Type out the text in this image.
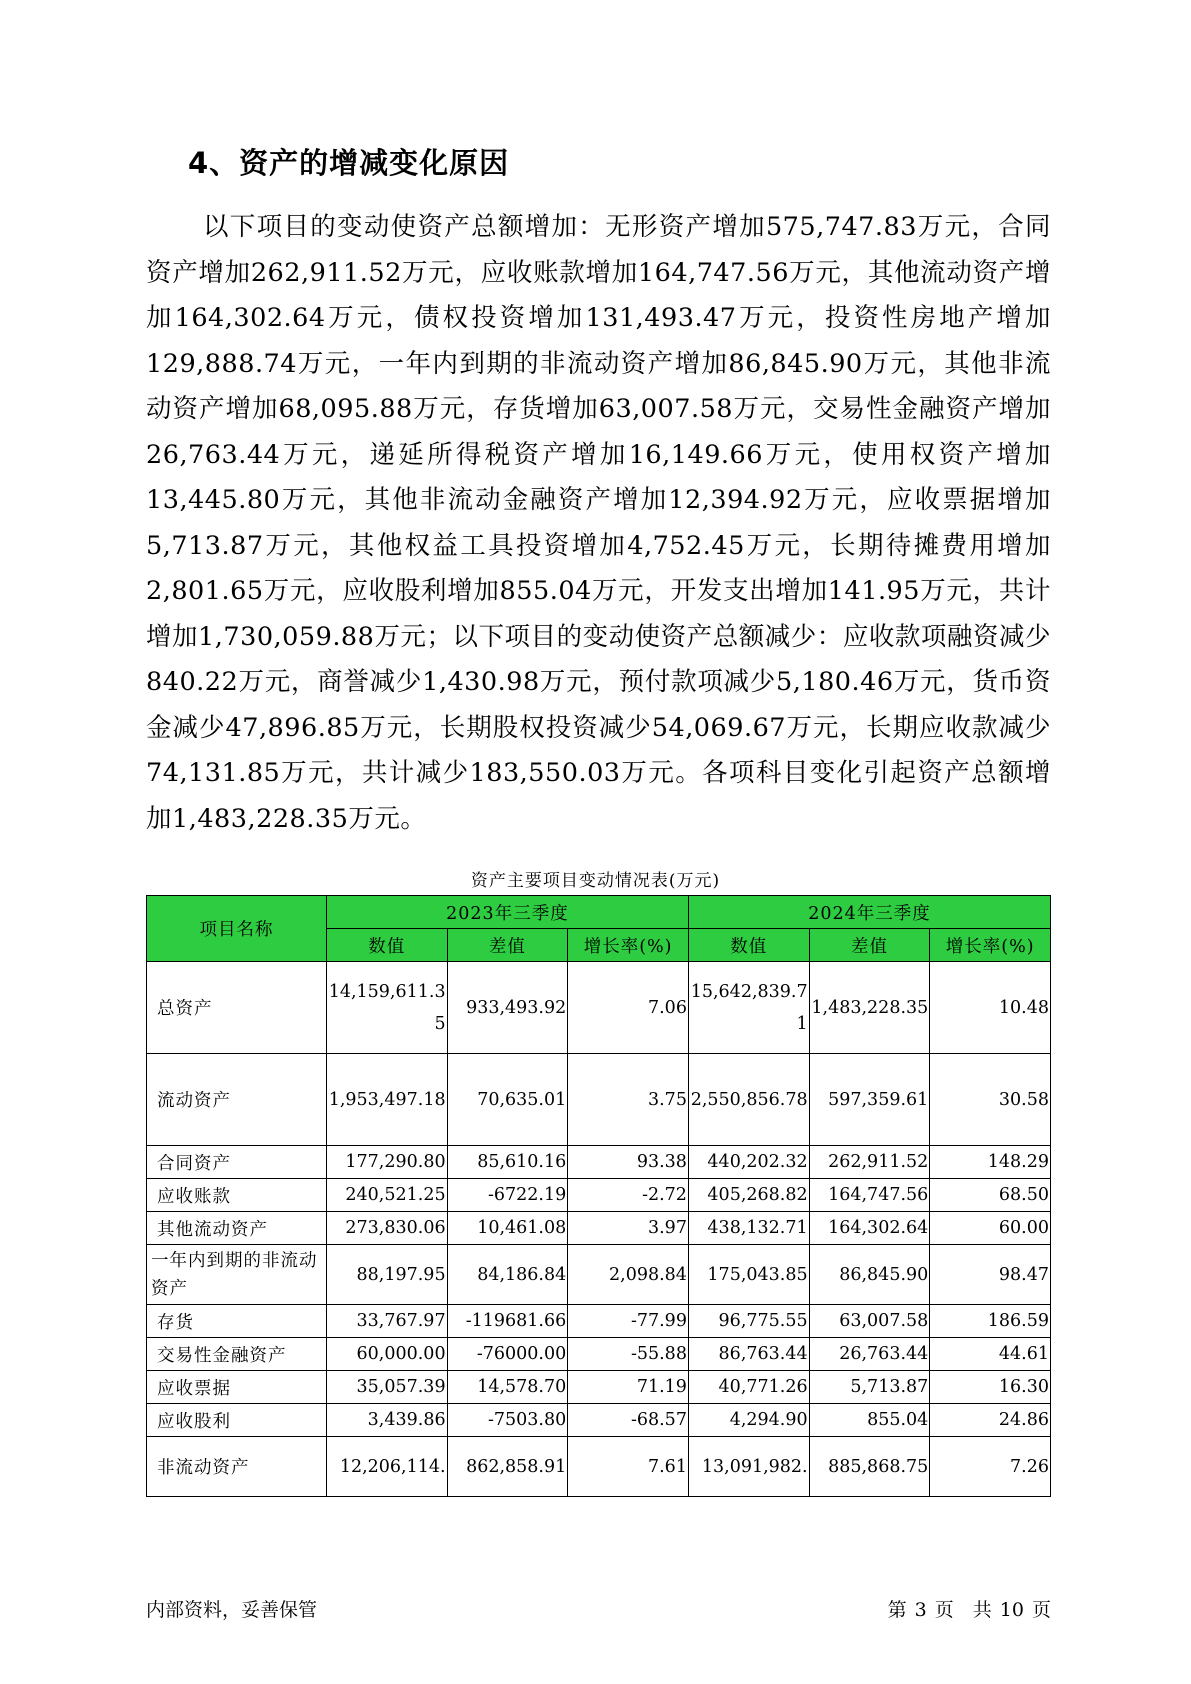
4、资产的增减变化原因

以下项目的变动使资产总额增加：无形资产增加575,747.83万元，合同资产增加262,911.52万元，应收账款增加164,747.56万元，其他流动资产增加164,302.64万元，债权投资增加131,493.47万元，投资性房地产增加129,888.74万元，一年内到期的非流动资产增加86,845.90万元，其他非流动资产增加68,095.88万元，存货增加63,007.58万元，交易性金融资产增加26,763.44万元，递延所得税资产增加16,149.66万元，使用权资产增加13,445.80万元，其他非流动金融资产增加12,394.92万元，应收票据增加5,713.87万元，其他权益工具投资增加4,752.45万元，长期待摊费用增加2,801.65万元，应收股利增加855.04万元，开发支出增加141.95万元，共计增加1,730,059.88万元；以下项目的变动使资产总额减少：应收款项融资减少840.22万元，商誉减少1,430.98万元，预付款项减少5,180.46万元，货币资金减少47,896.85万元，长期股权投资减少54,069.67万元，长期应收款减少74,131.85万元，共计减少183,550.03万元。各项科目变化引起资产总额增加1,483,228.35万元。

资产主要项目变动情况表(万元)
项目名称	2023年三季度			2024年三季度		
	数值	差值	增长率(%)	数值	差值	增长率(%)
总资产	14,159,611.35	933,493.92	7.06	15,642,839.71	1,483,228.35	10.48
流动资产	1,953,497.18	70,635.01	3.75	2,550,856.78	597,359.61	30.58
合同资产	177,290.80	85,610.16	93.38	440,202.32	262,911.52	148.29
应收账款	240,521.25	-6722.19	-2.72	405,268.82	164,747.56	68.50
其他流动资产	273,830.06	10,461.08	3.97	438,132.71	164,302.64	60.00
一年内到期的非流动资产	88,197.95	84,186.84	2,098.84	175,043.85	86,845.90	98.47
存货	33,767.97	-119681.66	-77.99	96,775.55	63,007.58	186.59
交易性金融资产	60,000.00	-76000.00	-55.88	86,763.44	26,763.44	44.61
应收票据	35,057.39	14,578.70	71.19	40,771.26	5,713.87	16.30
应收股利	3,439.86	-7503.80	-68.57	4,294.90	855.04	24.86
非流动资产	12,206,114.	862,858.91	7.61	13,091,982.	885,868.75	7.26
内部资料，妥善保管	第 3 页　共 10 页
